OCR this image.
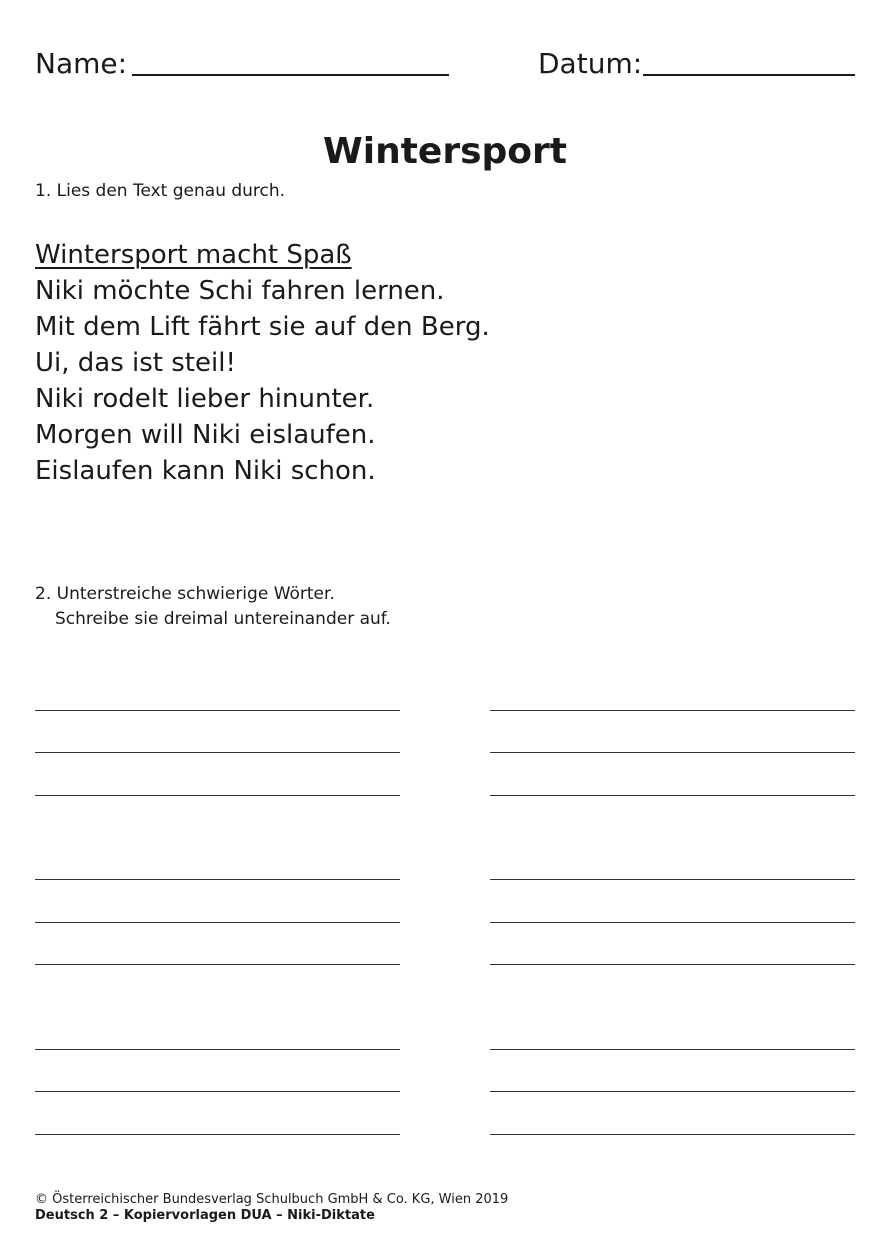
Name:	Datum:
Wintersport
1. Lies den Text genau durch.
Wintersport macht Spaß
Niki möchte Schi fahren lernen.
Mit dem Lift fährt sie auf den Berg.
Ui, das ist steil!
Niki rodelt lieber hinunter.
Morgen will Niki eislaufen.
Eislaufen kann Niki schon.
2. Unterstreiche schwierige Wörter.
Schreibe sie dreimal untereinander auf.
© Österreichischer Bundesverlag Schulbuch GmbH & Co. KG, Wien 2019
Deutsch 2 – Kopiervorlagen DUA – Niki-Diktate
